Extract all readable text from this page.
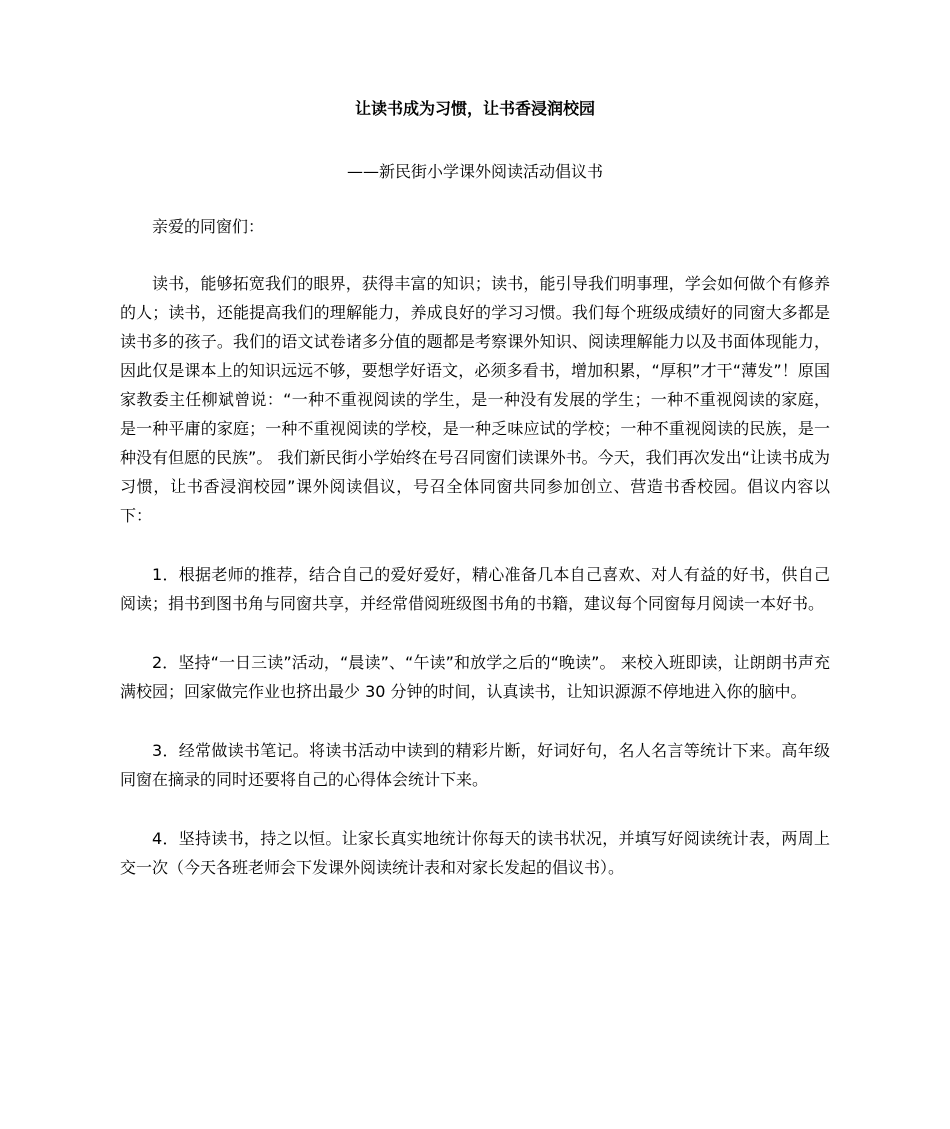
让读书成为习惯，让书香浸润校园

——新民街小学课外阅读活动倡议书

亲爱的同窗们：

读书，能够拓宽我们的眼界，获得丰富的知识；读书，能引导我们明事理，学会如何做个有修养的人；读书，还能提高我们的理解能力，养成良好的学习习惯。我们每个班级成绩好的同窗大多都是读书多的孩子。我们的语文试卷诸多分值的题都是考察课外知识、阅读理解能力以及书面体现能力，因此仅是课本上的知识远远不够，要想学好语文，必须多看书，增加积累，“厚积”才干“薄发”！原国家教委主任柳斌曾说：“一种不重视阅读的学生，是一种没有发展的学生；一种不重视阅读的家庭，是一种平庸的家庭；一种不重视阅读的学校，是一种乏味应试的学校；一种不重视阅读的民族，是一种没有但愿的民族”。 我们新民街小学始终在号召同窗们读课外书。今天，我们再次发出“让读书成为习惯，让书香浸润校园”课外阅读倡议，号召全体同窗共同参加创立、营造书香校园。倡议内容以下：

1．根据老师的推荐，结合自己的爱好爱好，精心准备几本自己喜欢、对人有益的好书，供自己阅读；捐书到图书角与同窗共享，并经常借阅班级图书角的书籍，建议每个同窗每月阅读一本好书。

2．坚持“一日三读”活动，“晨读”、“午读”和放学之后的“晚读”。 来校入班即读，让朗朗书声充满校园；回家做完作业也挤出最少 30 分钟的时间，认真读书，让知识源源不停地进入你的脑中。

3．经常做读书笔记。将读书活动中读到的精彩片断，好词好句，名人名言等统计下来。高年级同窗在摘录的同时还要将自己的心得体会统计下来。

4．坚持读书，持之以恒。让家长真实地统计你每天的读书状况，并填写好阅读统计表，两周上交一次（今天各班老师会下发课外阅读统计表和对家长发起的倡议书）。
